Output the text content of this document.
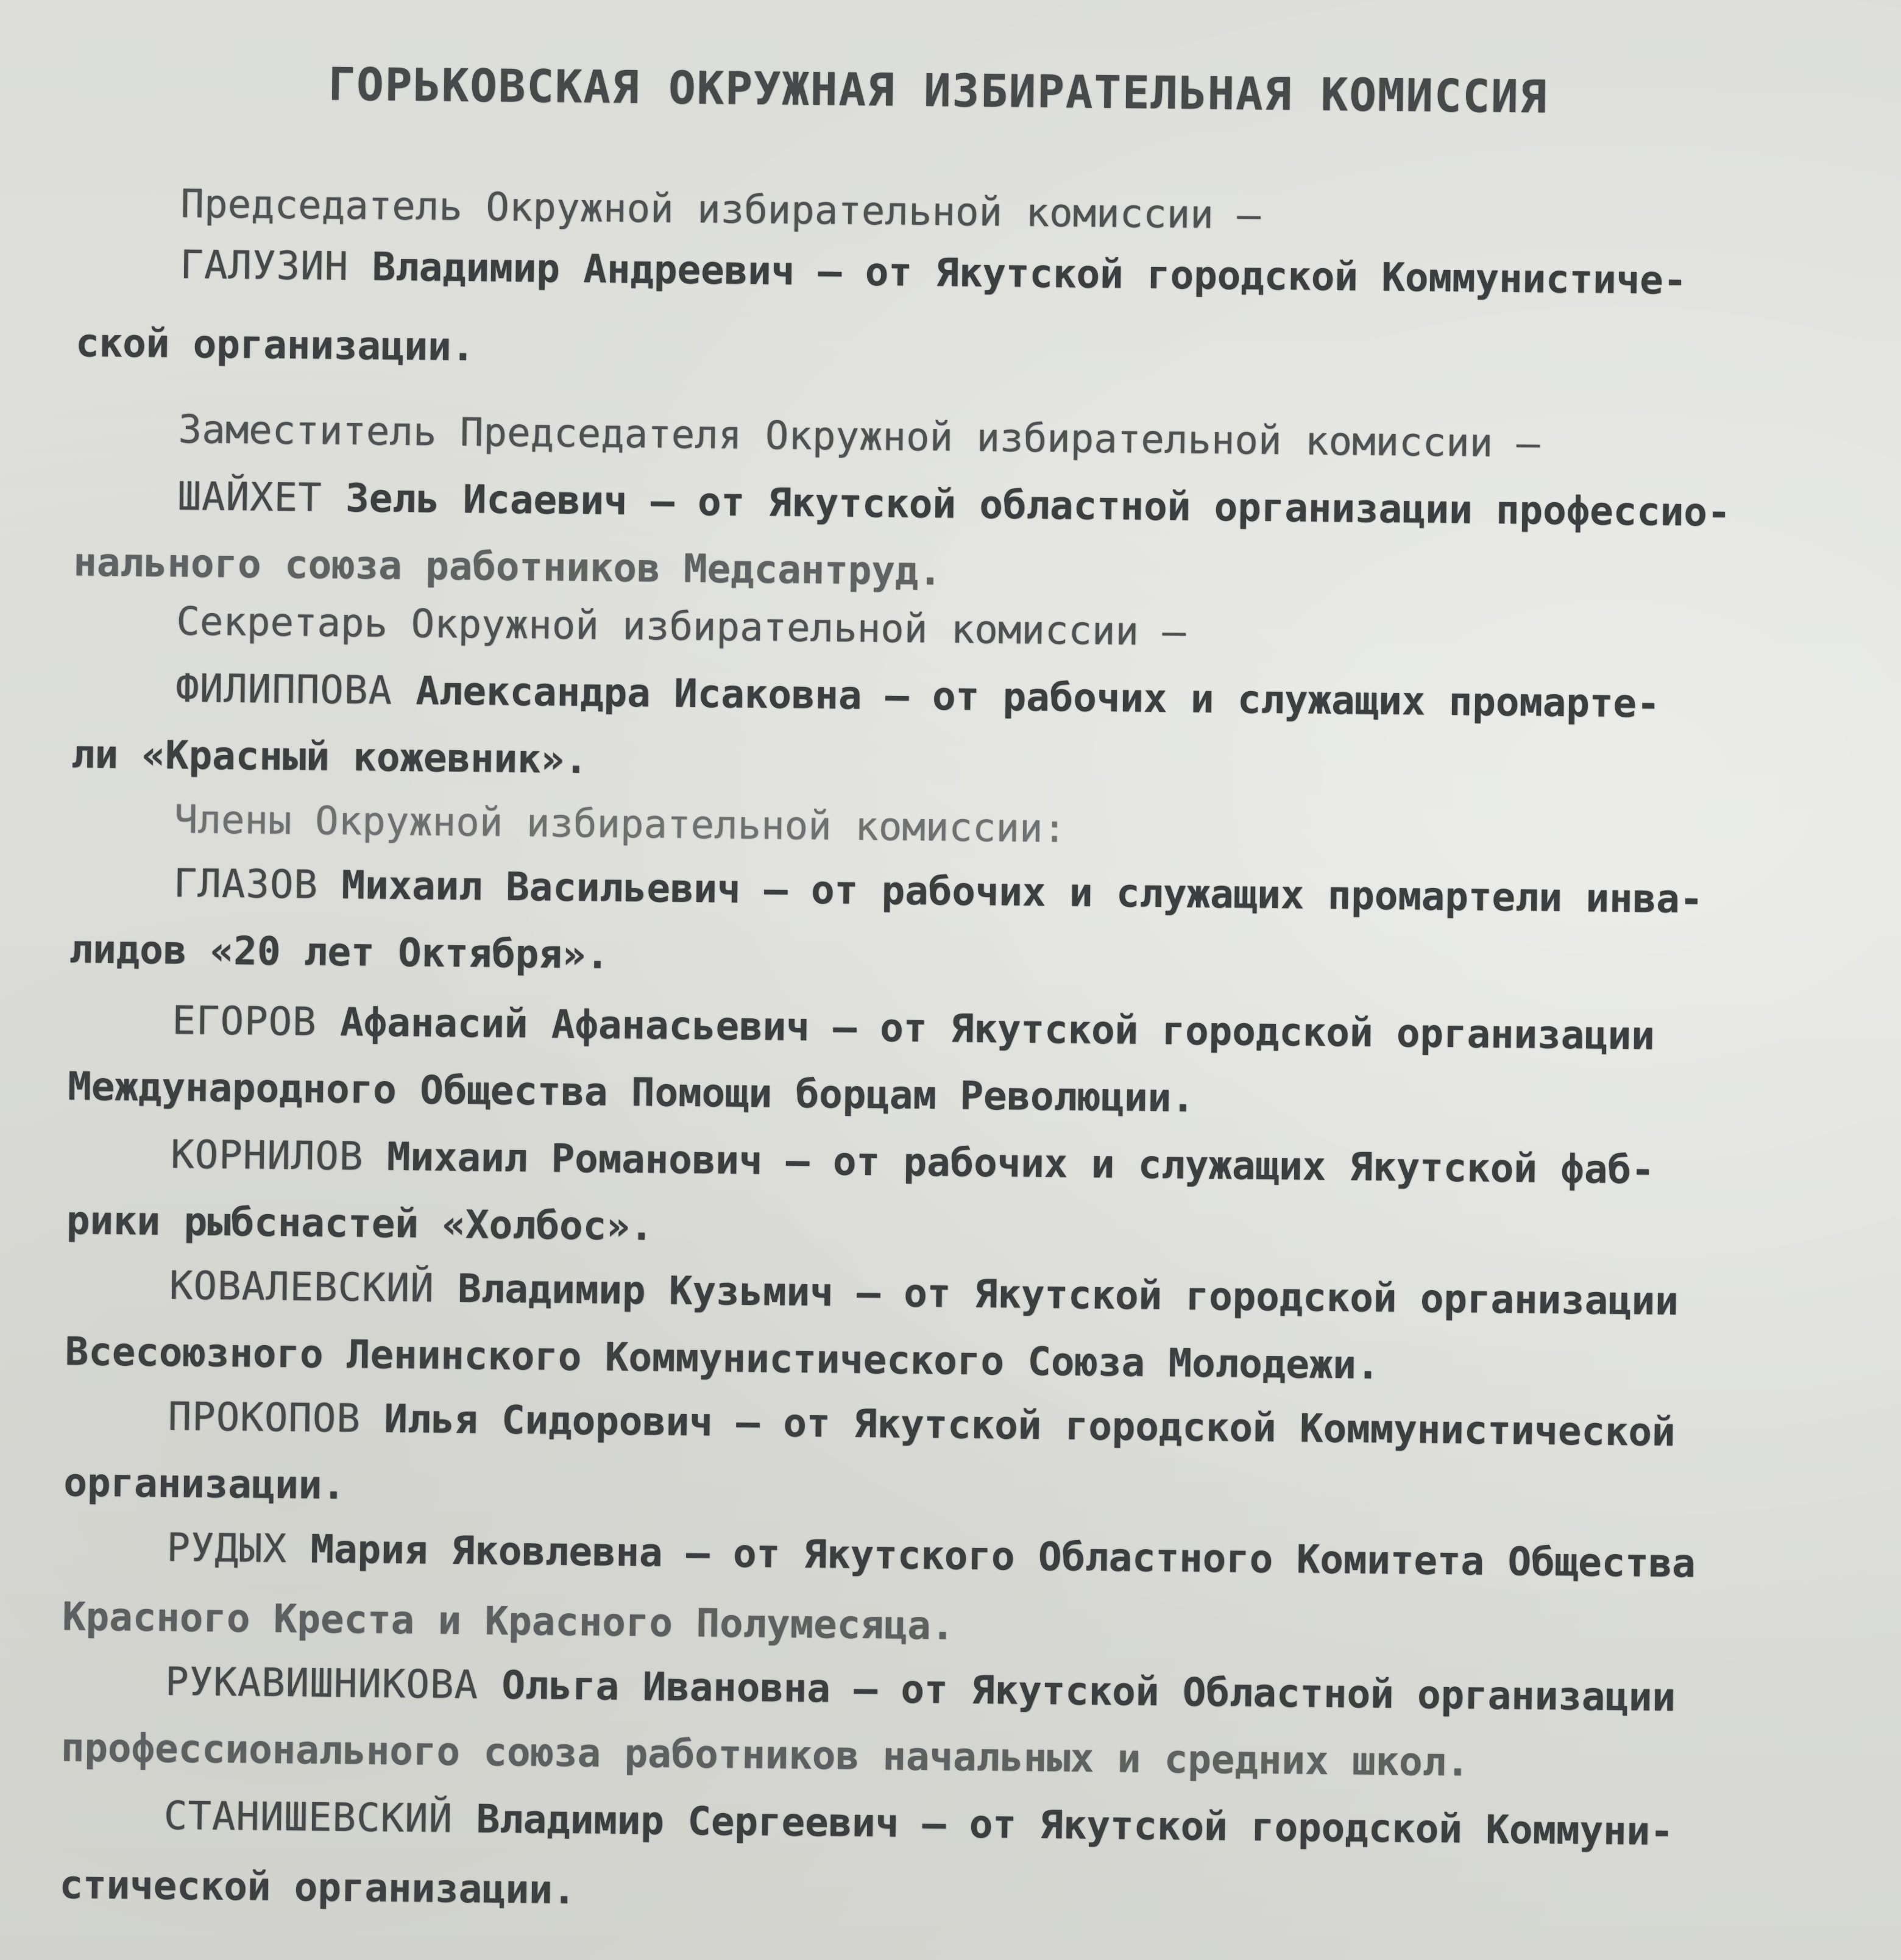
ГОРЬКОВСКАЯ ОКРУЖНАЯ ИЗБИРАТЕЛЬНАЯ КОМИССИЯ
Председатель Окружной избирательной комиссии —
ГАЛУЗИН Владимир Андреевич — от Якутской городской Коммунистиче-
ской организации.
Заместитель Председателя Окружной избирательной комиссии —
ШАЙХЕТ Зель Исаевич — от Якутской областной организации профессио-
нального союза работников Медсантруд.
Секретарь Окружной избирательной комиссии —
ФИЛИППОВА Александра Исаковна — от рабочих и служащих промарте-
ли «Красный кожевник».
Члены Окружной избирательной комиссии:
ГЛАЗОВ Михаил Васильевич — от рабочих и служащих промартели инва-
лидов «20 лет Октября».
ЕГОРОВ Афанасий Афанасьевич — от Якутской городской организации
Международного Общества Помощи борцам Революции.
КОРНИЛОВ Михаил Романович — от рабочих и служащих Якутской фаб-
рики рыбснастей «Холбос».
КОВАЛЕВСКИЙ Владимир Кузьмич — от Якутской городской организации
Всесоюзного Ленинского Коммунистического Союза Молодежи.
ПРОКОПОВ Илья Сидорович — от Якутской городской Коммунистической
организации.
РУДЫХ Мария Яковлевна — от Якутского Областного Комитета Общества
Красного Креста и Красного Полумесяца.
РУКАВИШНИКОВА Ольга Ивановна — от Якутской Областной организации
профессионального союза работников начальных и средних школ.
СТАНИШЕВСКИЙ Владимир Сергеевич — от Якутской городской Коммуни-
стической организации.
